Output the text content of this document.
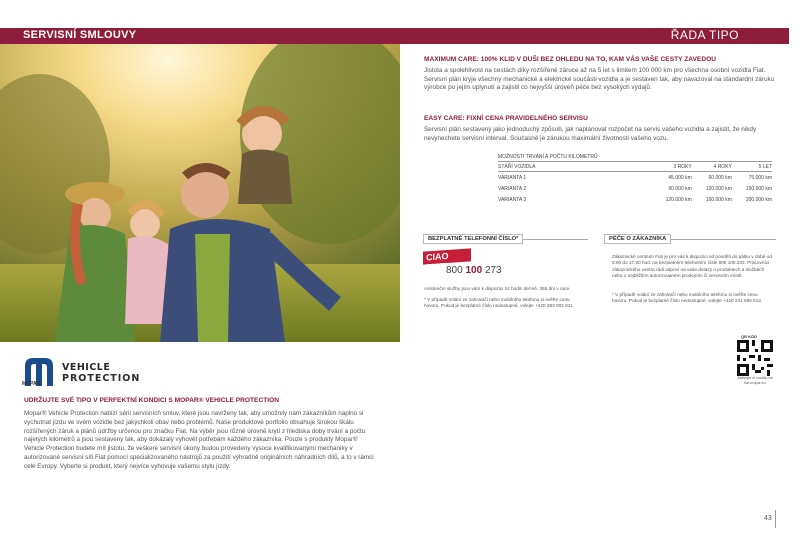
SERVISNÍ SMLOUVY	ŘADA TIPO
VEHICLE
PROTECTION
MOPAR.
UDRŽUJTE SVÉ TIPO V PERFEKTNÍ KONDICI S MOPAR® VEHICLE PROTECTION
Mopar® Vehicle Protection nabízí sérii servisních smluv, které jsou navrženy tak, aby umožnily nám zákazníkům naplno si vychutnat jízdu ve svém vozidle bez jakýchkoli obav nebo problémů. Naše produktové portfolio obsahuje širokou škálu rozšířených záruk a plánů údržby určenou pro značku Fiat. Na výběr jsou různé úrovně krytí z hlediska doby trvání a počtu najetých kilometrů a jsou sestaveny tak, aby dokázaly vyhovět potřebám každého zákazníka. Pouze s produkty Mopar® Vehicle Protection budete mít jistotu, že veškeré servisní úkony budou provedeny vysoce kvalifikovanými mechaniky v autorizované servisní síti Fiat pomocí specializovaného nástrojů za použití výhradně originálních náhradních dílů, a to v rámci celé Evropy. Vyberte si produkt, který nejvíce vyhovuje vašemu stylu jízdy.
MAXIMUM CARE: 100% KLID V DUŠI BEZ OHLEDU NA TO, KAM VÁS VAŠE CESTY ZAVEDOU
Jistota a spolehlivost na cestách díky rozšířené záruce až na 5 let s limitem 100 000 km pro všechna osobní vozidla Fiat. Servisní plán kryje všechny mechanické a elektrické součásti vozidla a je sestaven tak, aby navazoval na standardní záruku výrobce po jejím uplynutí a zajistil co nejvyšší úroveň péče bez vysokých výdajů.
EASY CARE: FIXNÍ CENA PRAVIDELNÉHO SERVISU
Servisní plán sestavený jako jednoduchý způsob, jak naplánovat rozpočet na servis vašeho vozidla a zajistit, že nikdy nevynechete servisní interval. Současně je zárukou maximální životnosti vašeho vozu.
MOŽNOSTI TRVÁNÍ A POČTU KILOMETRŮ
STÁŘÍ VOZIDLA	3 ROKY	4 ROKY	5 LET
VARIANTA 1	45.000 km	60.000 km	75.000 km
VARIANTA 2	90.000 km	120.000 km	150.000 km
VARIANTA 3	120.000 km	160.000 km	200.000 km
BEZPLATNÉ TELEFONNÍ ČÍSLO*
CIAO FIAT 800 100 273
Asistenční služby jsou vám k dispozici 24 hodin denně, 365 dní v roce.
* V případě volání ze zahraničí nebo mobilního telefonu si ověřte cenu hovoru. Pokud je bezplatné číslo nedostupné, volejte +420 283 002 911.
PÉČE O ZÁKAZNÍKA
Zákaznické centrum Fiat je pro vás k dispozici od pondělí do pátku v době od 8:00 do 17:00 hod. na bezplatném telefonním čísle 800 100 233. Pracovníci zákaznického centra rádi odpoví na vaše dotazy o produktech a službách nebo o nejbližším autorizovaném prodejním či servisním místě.
* V případě volání ze zahraničí nebo mobilního telefonu si ověřte cenu hovoru. Pokud je bezplatné číslo nedostupné, volejte +420 231 586 612.
QR KÓD
Aktivujte si vozidlo na fiat.mopar.eu
43
